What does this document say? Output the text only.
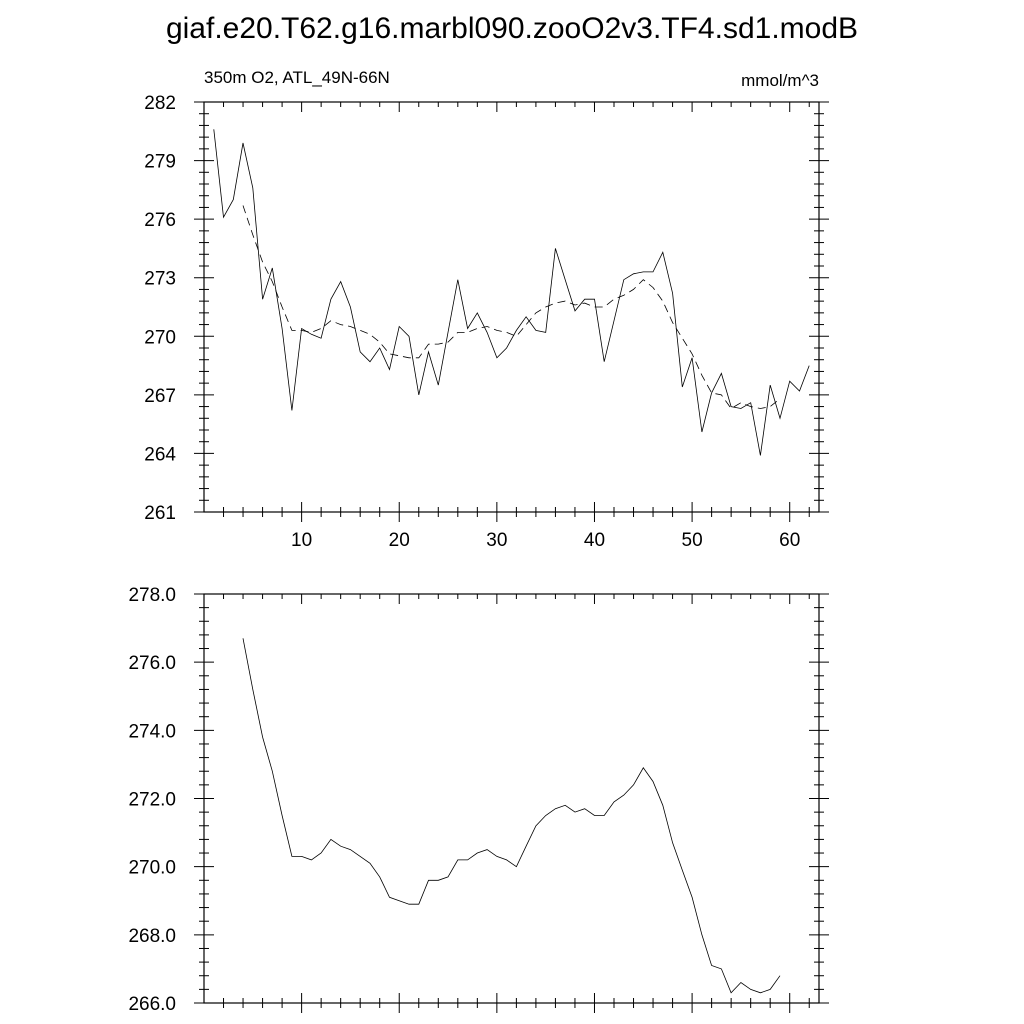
giaf.e20.T62.g16.marbl090.zooO2v3.TF4.sd1.modB
350m O2, ATL_49N-66N	mmol/m^3
10	20	30	40	50	60
261
264
267
270
273
276
279
282
266.0
268.0
270.0
272.0
274.0
276.0
278.0
